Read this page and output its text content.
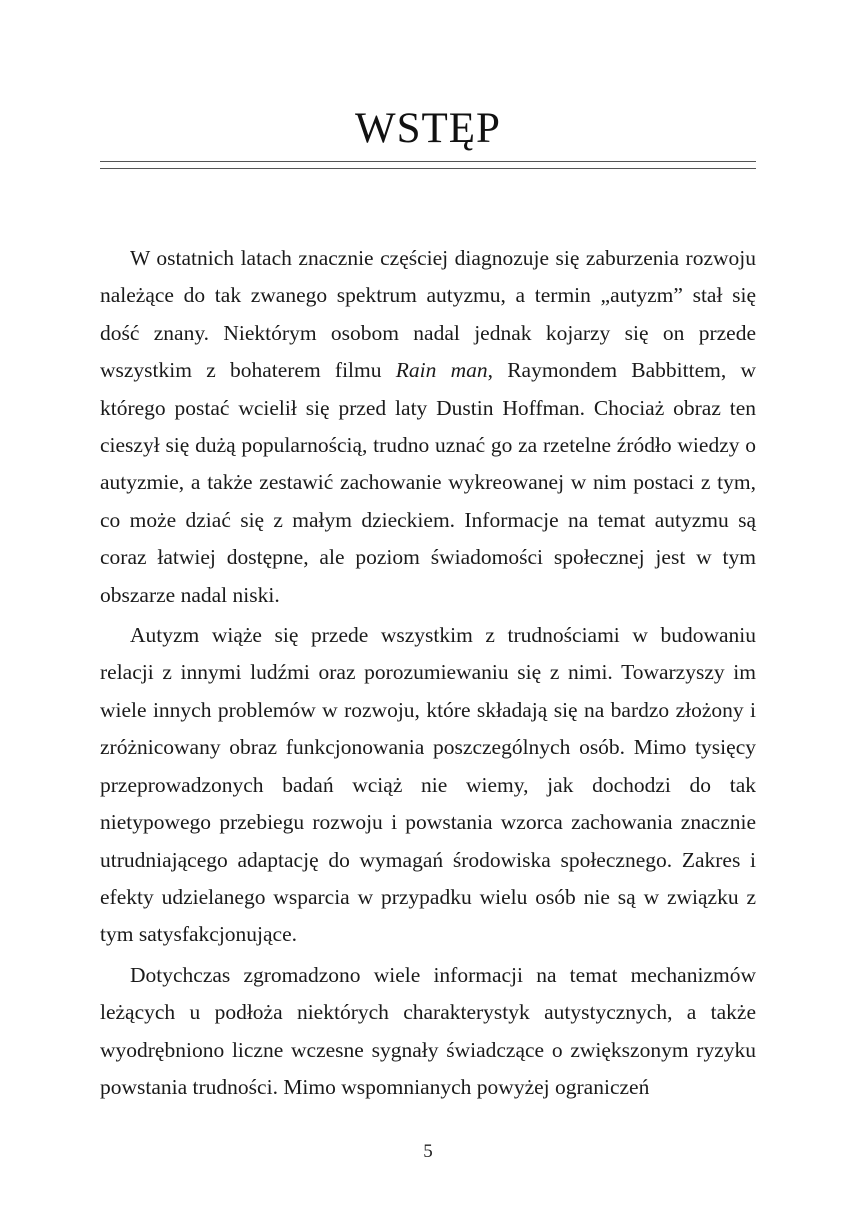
WSTĘP

W ostatnich latach znacznie częściej diagnozuje się zaburzenia rozwoju należące do tak zwanego spektrum autyzmu, a termin „autyzm” stał się dość znany. Niektórym osobom nadal jednak kojarzy się on przede wszystkim z bohaterem filmu Rain man, Raymondem Babbittem, w którego postać wcielił się przed laty Dustin Hoffman. Chociaż obraz ten cieszył się dużą popularnością, trudno uznać go za rzetelne źródło wiedzy o autyzmie, a także zestawić zachowanie wykreowanej w nim postaci z tym, co może dziać się z małym dzieckiem. Informacje na temat autyzmu są coraz łatwiej dostępne, ale poziom świadomości społecznej jest w tym obszarze nadal niski.

Autyzm wiąże się przede wszystkim z trudnościami w budowaniu relacji z innymi ludźmi oraz porozumiewaniu się z nimi. Towarzyszy im wiele innych problemów w rozwoju, które składają się na bardzo złożony i zróżnicowany obraz funkcjonowania poszczególnych osób. Mimo tysięcy przeprowadzonych badań wciąż nie wiemy, jak dochodzi do tak nietypowego przebiegu rozwoju i powstania wzorca zachowania znacznie utrudniającego adaptację do wymagań środowiska społecznego. Zakres i efekty udzielanego wsparcia w przypadku wielu osób nie są w związku z tym satysfakcjonujące.

Dotychczas zgromadzono wiele informacji na temat mechanizmów leżących u podłoża niektórych charakterystyk autystycznych, a także wyodrębniono liczne wczesne sygnały świadczące o zwiększonym ryzyku powstania trudności. Mimo wspomnianych powyżej ograniczeń

5
